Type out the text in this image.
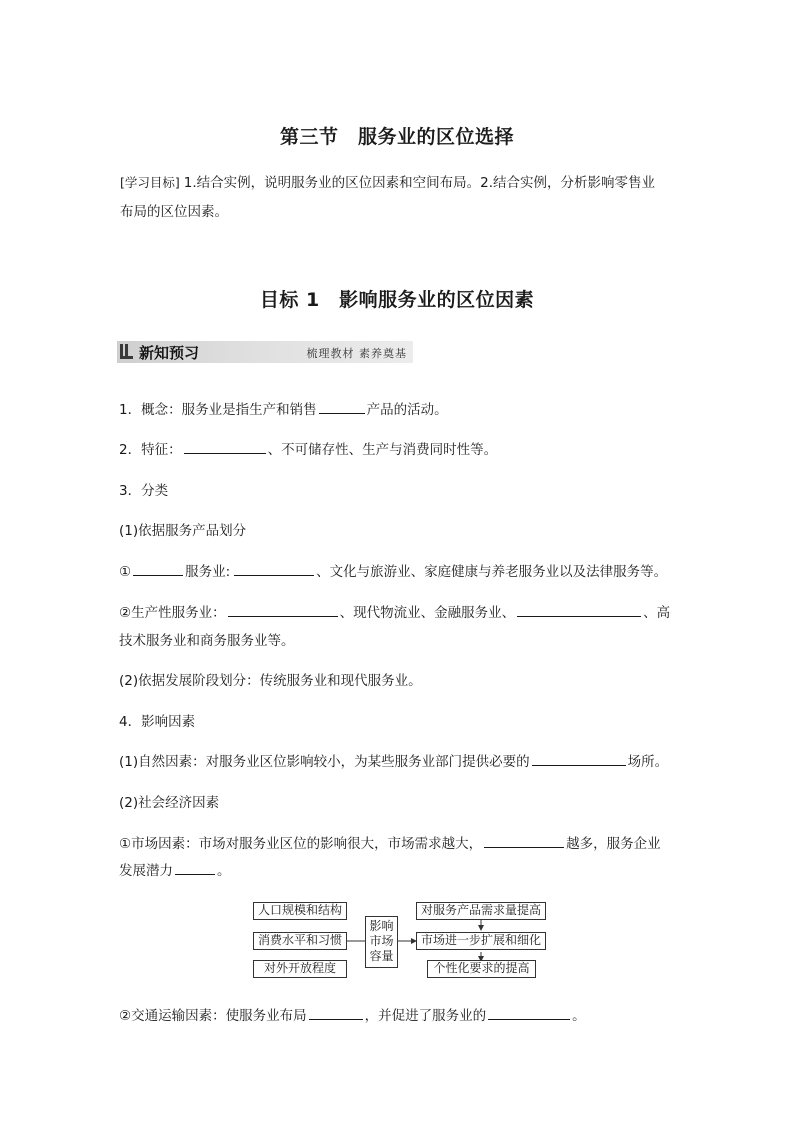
第三节　服务业的区位选择
[学习目标] 1.结合实例，说明服务业的区位因素和空间布局。2.结合实例，分析影响零售业
布局的区位因素。
目标 1　影响服务业的区位因素
新知预习	梳理教材 素养奠基
1．概念：服务业是指生产和销售	产品的活动。
2．特征：	、不可储存性、生产与消费同时性等。
3．分类
(1)依据服务产品划分
①	服务业:	、文化与旅游业、家庭健康与养老服务业以及法律服务等。
②生产性服务业：	、现代物流业、金融服务业、	、高
技术服务业和商务服务业等。
(2)依据发展阶段划分：传统服务业和现代服务业。
4．影响因素
(1)自然因素：对服务业区位影响较小，为某些服务业部门提供必要的	场所。
(2)社会经济因素
①市场因素：市场对服务业区位的影响很大，市场需求越大，	越多，服务企业
发展潜力	。
人口规模和结构
消费水平和习惯
对外开放程度
影响
市场
容量
对服务产品需求量提高
市场进一步扩展和细化
个性化要求的提高
②交通运输因素：使服务业布局	，并促进了服务业的	。
